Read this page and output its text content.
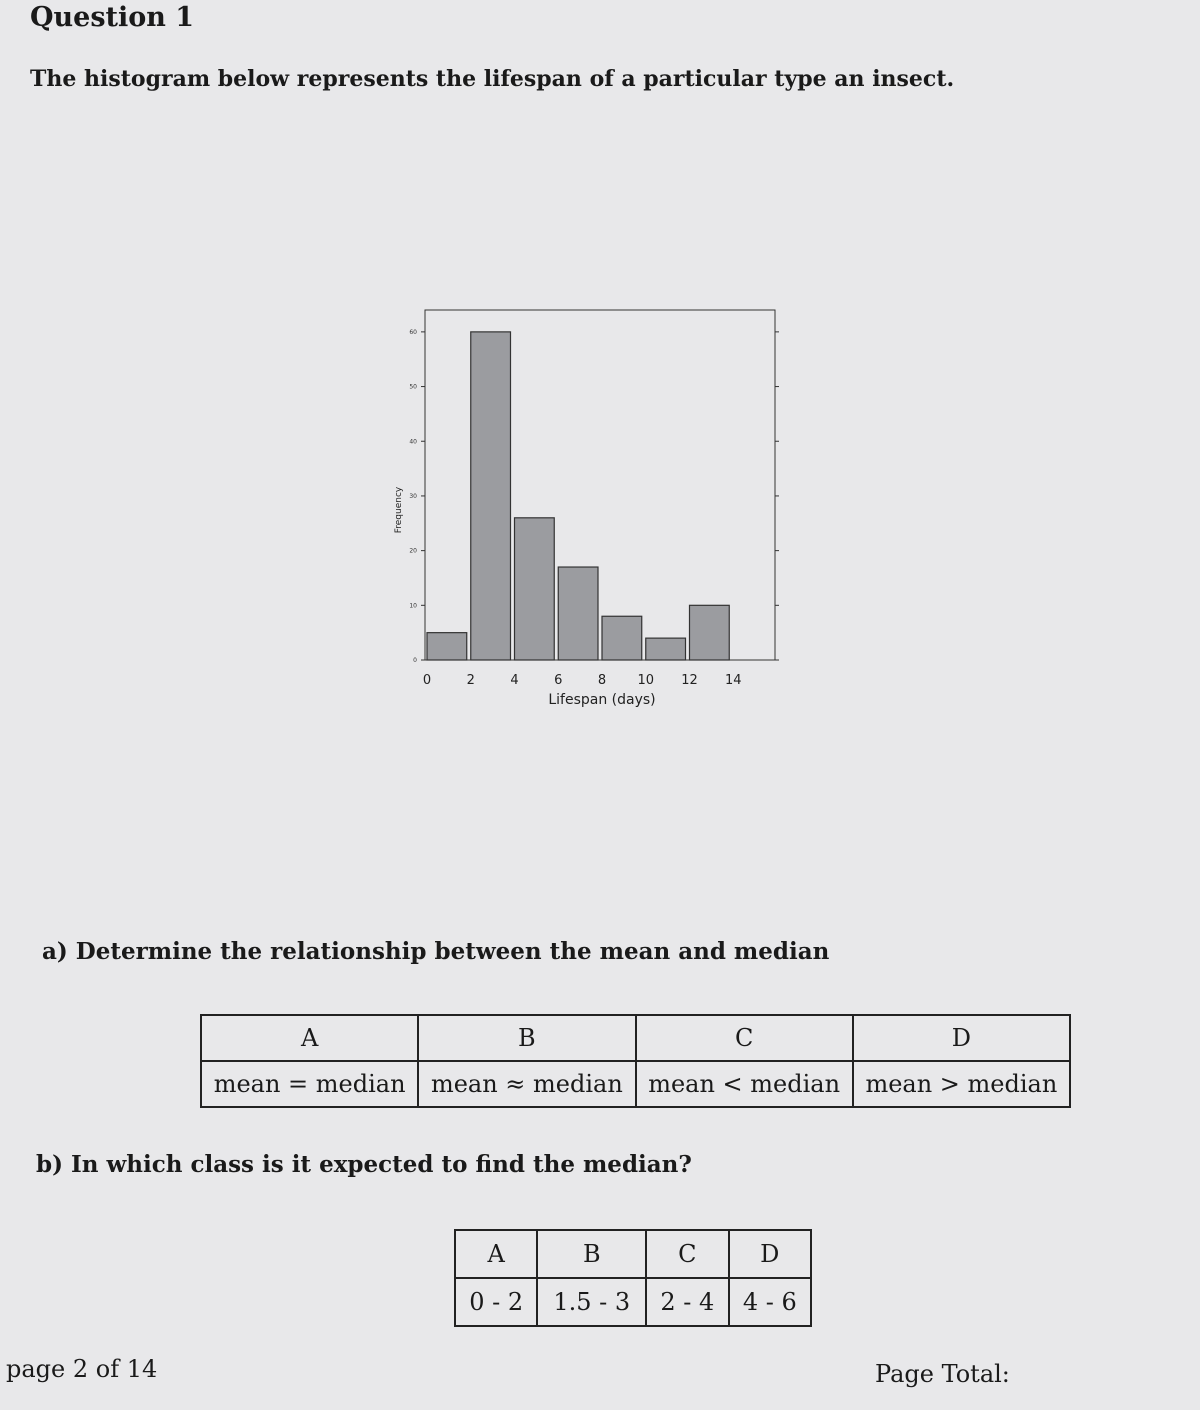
Question 1
The histogram below represents the lifespan of a particular type an insect.
0
10
20
30
40
50
60
0	2	4	6	8 10 12 14
Frequency
Lifespan (days)
a) Determine the relationship between the mean and median
A	B	C	D
mean = median	mean ≈ median	mean < median	mean > median
b) In which class is it expected to find the median?
A	B	C	D
0 - 2	1.5 - 3	2 - 4	4 - 6
page 2 of 14	Page Total:
